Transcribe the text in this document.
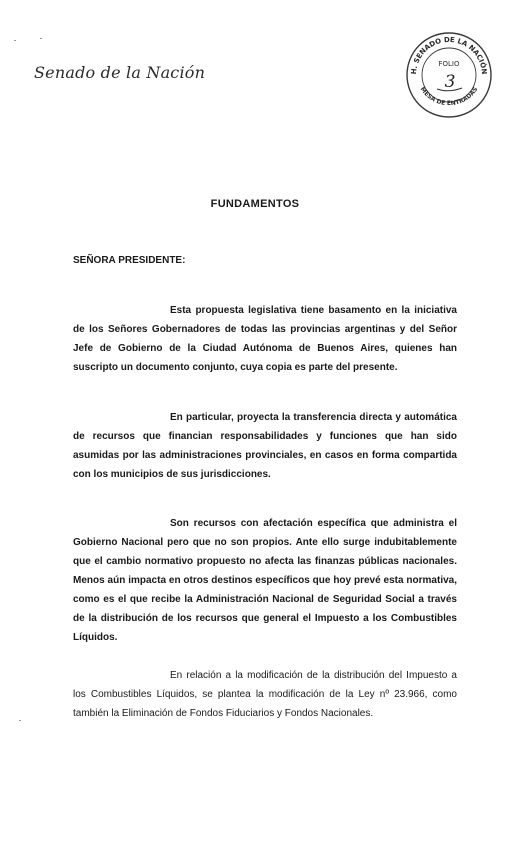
Senado de la Nación	H. SENADO DE LA NACIÓN
MESA DE ENTRADAS
FOLIO
3
FUNDAMENTOS
SEÑORA PRESIDENTE:
Esta propuesta legislativa tiene basamento en la iniciativa de los Señores Gobernadores de todas las provincias argentinas y del Señor Jefe de Gobierno de la Ciudad Autónoma de Buenos Aires, quienes han suscripto un documento conjunto, cuya copia es parte del presente.
En particular, proyecta la transferencia directa y automática de recursos que financian responsabilidades y funciones que han sido asumidas por las administraciones provinciales, en casos en forma compartida con los municipios de sus jurisdicciones.
Son recursos con afectación específica que administra el Gobierno Nacional pero que no son propios. Ante ello surge indubitablemente que el cambio normativo propuesto no afecta las finanzas públicas nacionales. Menos aún impacta en otros destinos específicos que hoy prevé esta normativa, como es el que recibe la Administración Nacional de Seguridad Social a través de la distribución de los recursos que general el Impuesto a los Combustibles Líquidos.
En relación a la modificación de la distribución del Impuesto a los Combustibles Líquidos, se plantea la modificación de la Ley nº 23.966, como también la Eliminación de Fondos Fiduciarios y Fondos Nacionales.
